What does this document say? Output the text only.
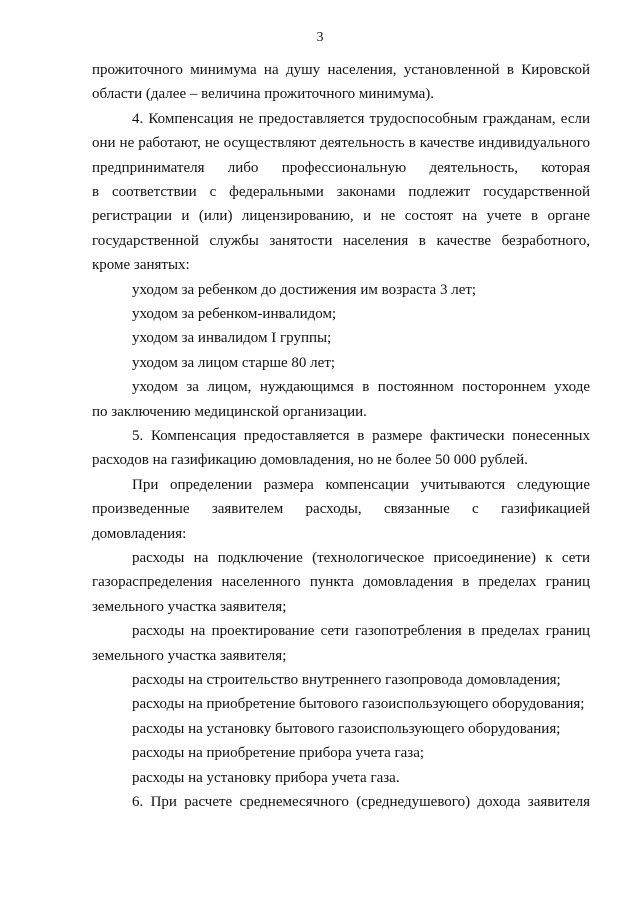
3
прожиточного минимума на душу населения, установленной в Кировской
области (далее – величина прожиточного минимума).
4. Компенсация не предоставляется трудоспособным гражданам, если
они не работают, не осуществляют деятельность в качестве индивидуального
предпринимателя либо профессиональную деятельность, которая
в соответствии с федеральными законами подлежит государственной
регистрации и (или) лицензированию, и не состоят на учете в органе
государственной службы занятости населения в качестве безработного,
кроме занятых:
уходом за ребенком до достижения им возраста 3 лет;
уходом за ребенком-инвалидом;
уходом за инвалидом I группы;
уходом за лицом старше 80 лет;
уходом за лицом, нуждающимся в постоянном постороннем уходе
по заключению медицинской организации.
5. Компенсация предоставляется в размере фактически понесенных
расходов на газификацию домовладения, но не более 50 000 рублей.
При определении размера компенсации учитываются следующие
произведенные заявителем расходы, связанные с газификацией
домовладения:
расходы на подключение (технологическое присоединение) к сети
газораспределения населенного пункта домовладения в пределах границ
земельного участка заявителя;
расходы на проектирование сети газопотребления в пределах границ
земельного участка заявителя;
расходы на строительство внутреннего газопровода домовладения;
расходы на приобретение бытового газоиспользующего оборудования;
расходы на установку бытового газоиспользующего оборудования;
расходы на приобретение прибора учета газа;
расходы на установку прибора учета газа.
6. При расчете среднемесячного (среднедушевого) дохода заявителя
